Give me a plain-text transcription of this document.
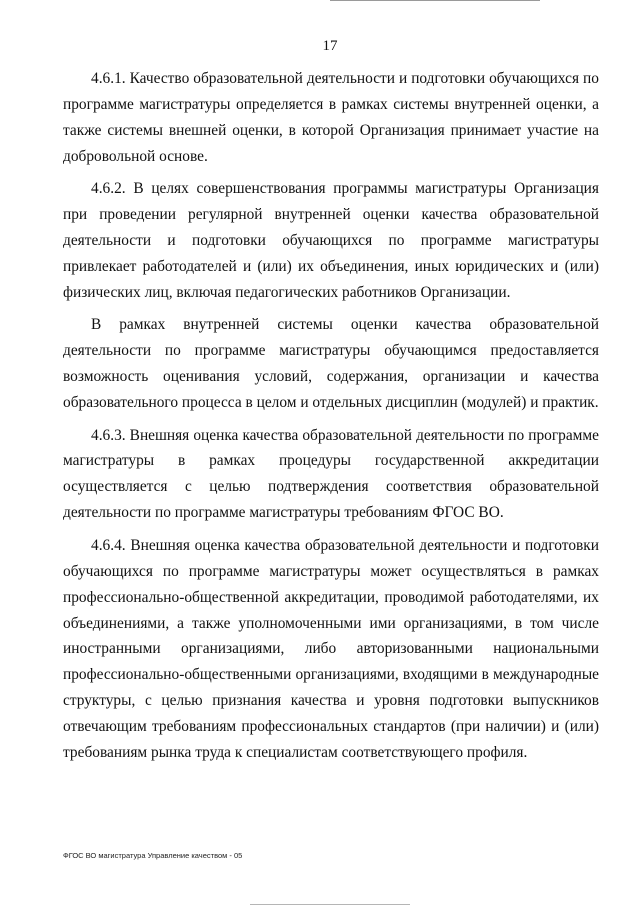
17

4.6.1. Качество образовательной деятельности и подготовки обучающихся по программе магистратуры определяется в рамках системы внутренней оценки, а также системы внешней оценки, в которой Организация принимает участие на добровольной основе.

4.6.2. В целях совершенствования программы магистратуры Организация при проведении регулярной внутренней оценки качества образовательной деятельности и подготовки обучающихся по программе магистратуры привлекает работодателей и (или) их объединения, иных юридических и (или) физических лиц, включая педагогических работников Организации.

В рамках внутренней системы оценки качества образовательной деятельности по программе магистратуры обучающимся предоставляется возможность оценивания условий, содержания, организации и качества образовательного процесса в целом и отдельных дисциплин (модулей) и практик.

4.6.3. Внешняя оценка качества образовательной деятельности по программе магистратуры в рамках процедуры государственной аккредитации осуществляется с целью подтверждения соответствия образовательной деятельности по программе магистратуры требованиям ФГОС ВО.

4.6.4. Внешняя оценка качества образовательной деятельности и подготовки обучающихся по программе магистратуры может осуществляться в рамках профессионально-общественной аккредитации, проводимой работодателями, их объединениями, а также уполномоченными ими организациями, в том числе иностранными организациями, либо авторизованными национальными профессионально-общественными организациями, входящими в международные структуры, с целью признания качества и уровня подготовки выпускников отвечающим требованиям профессиональных стандартов (при наличии) и (или) требованиям рынка труда к специалистам соответствующего профиля.

ФГОС ВО магистратура Управление качеством - 05
